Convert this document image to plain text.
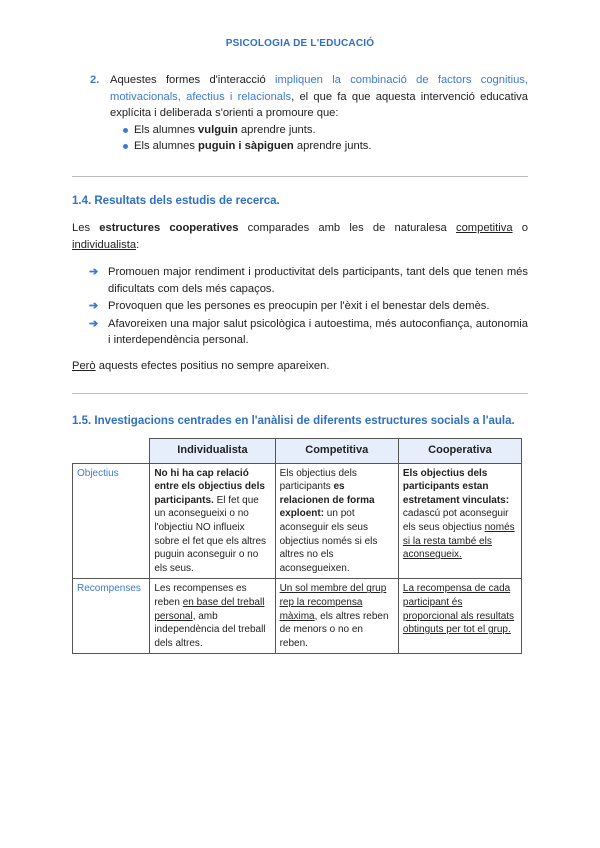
PSICOLOGIA DE L'EDUCACIÓ
2. Aquestes formes d'interacció impliquen la combinació de factors cognitius, motivacionals, afectius i relacionals, el que fa que aquesta intervenció educativa explícita i deliberada s'orienti a promoure que:
Els alumnes vulguin aprendre junts.
Els alumnes puguin i sàpiguen aprendre junts.
1.4. Resultats dels estudis de recerca.
Les estructures cooperatives comparades amb les de naturalesa competitiva o individualista:
➔ Promouen major rendiment i productivitat dels participants, tant dels que tenen més dificultats com dels més capaços.
➔ Provoquen que les persones es preocupin per l'èxit i el benestar dels demès.
➔ Afavoreixen una major salut psicològica i autoestima, més autoconfiança, autonomia i interdependència personal.
Però aquests efectes positius no sempre apareixen.
1.5. Investigacions centrades en l'anàlisi de diferents estructures socials a l'aula.
	Individualista	Competitiva	Cooperativa
Objectius	No hi ha cap relació entre els objectius dels participants. El fet que un aconsegueixi o no l'objectiu NO influeix sobre el fet que els altres puguin aconseguir o no els seus.	Els objectius dels participants es relacionen de forma exploent: un pot aconseguir els seus objectius només si els altres no els aconsegueixen.	Els objectius dels participants estan estretament vinculats: cadascú pot aconseguir els seus objectius només si la resta també els aconsegueix.
Recompenses	Les recompenses es reben en base del treball personal, amb independència del treball dels altres.	Un sol membre del grup rep la recompensa màxima, els altres reben de menors o no en reben.	La recompensa de cada participant és proporcional als resultats obtinguts per tot el grup.
